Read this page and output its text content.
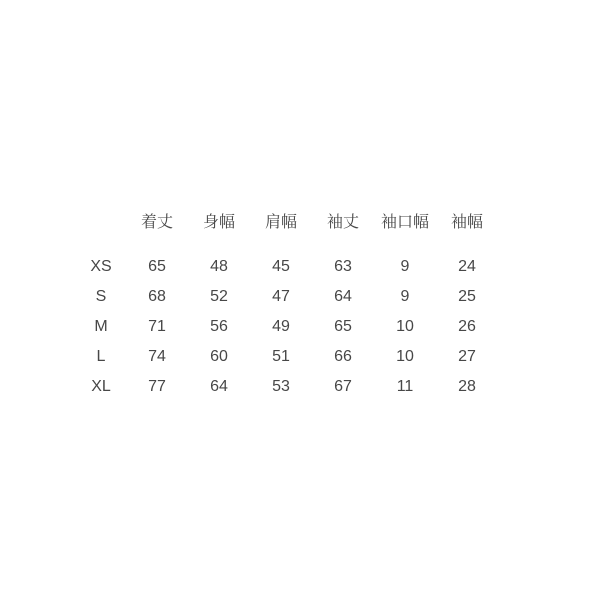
	着丈	身幅	肩幅	袖丈	袖口幅	袖幅
XS	65	48	45	63	9	24
S	68	52	47	64	9	25
M	71	56	49	65	10	26
L	74	60	51	66	10	27
XL	77	64	53	67	11	28
